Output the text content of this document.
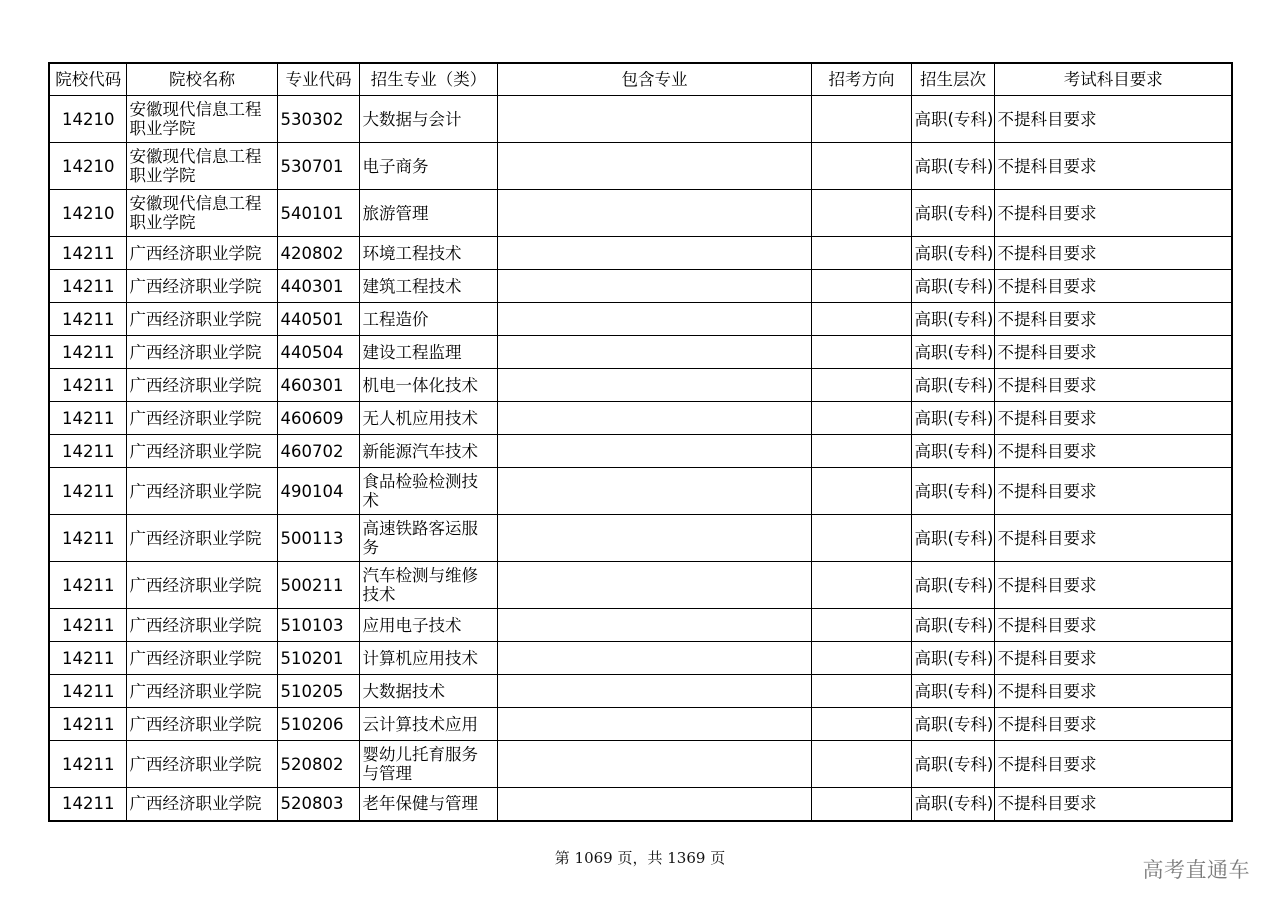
院校代码	院校名称	专业代码	招生专业（类）	包含专业	招考方向	招生层次	考试科目要求
14210	安徽现代信息工程职业学院	530302	大数据与会计			高职(专科)	不提科目要求
14210	安徽现代信息工程职业学院	530701	电子商务			高职(专科)	不提科目要求
14210	安徽现代信息工程职业学院	540101	旅游管理			高职(专科)	不提科目要求
14211	广西经济职业学院	420802	环境工程技术			高职(专科)	不提科目要求
14211	广西经济职业学院	440301	建筑工程技术			高职(专科)	不提科目要求
14211	广西经济职业学院	440501	工程造价			高职(专科)	不提科目要求
14211	广西经济职业学院	440504	建设工程监理			高职(专科)	不提科目要求
14211	广西经济职业学院	460301	机电一体化技术			高职(专科)	不提科目要求
14211	广西经济职业学院	460609	无人机应用技术			高职(专科)	不提科目要求
14211	广西经济职业学院	460702	新能源汽车技术			高职(专科)	不提科目要求
14211	广西经济职业学院	490104	食品检验检测技术			高职(专科)	不提科目要求
14211	广西经济职业学院	500113	高速铁路客运服务			高职(专科)	不提科目要求
14211	广西经济职业学院	500211	汽车检测与维修技术			高职(专科)	不提科目要求
14211	广西经济职业学院	510103	应用电子技术			高职(专科)	不提科目要求
14211	广西经济职业学院	510201	计算机应用技术			高职(专科)	不提科目要求
14211	广西经济职业学院	510205	大数据技术			高职(专科)	不提科目要求
14211	广西经济职业学院	510206	云计算技术应用			高职(专科)	不提科目要求
14211	广西经济职业学院	520802	婴幼儿托育服务与管理			高职(专科)	不提科目要求
14211	广西经济职业学院	520803	老年保健与管理			高职(专科)	不提科目要求
第 1069 页，共 1369 页	高考直通车
